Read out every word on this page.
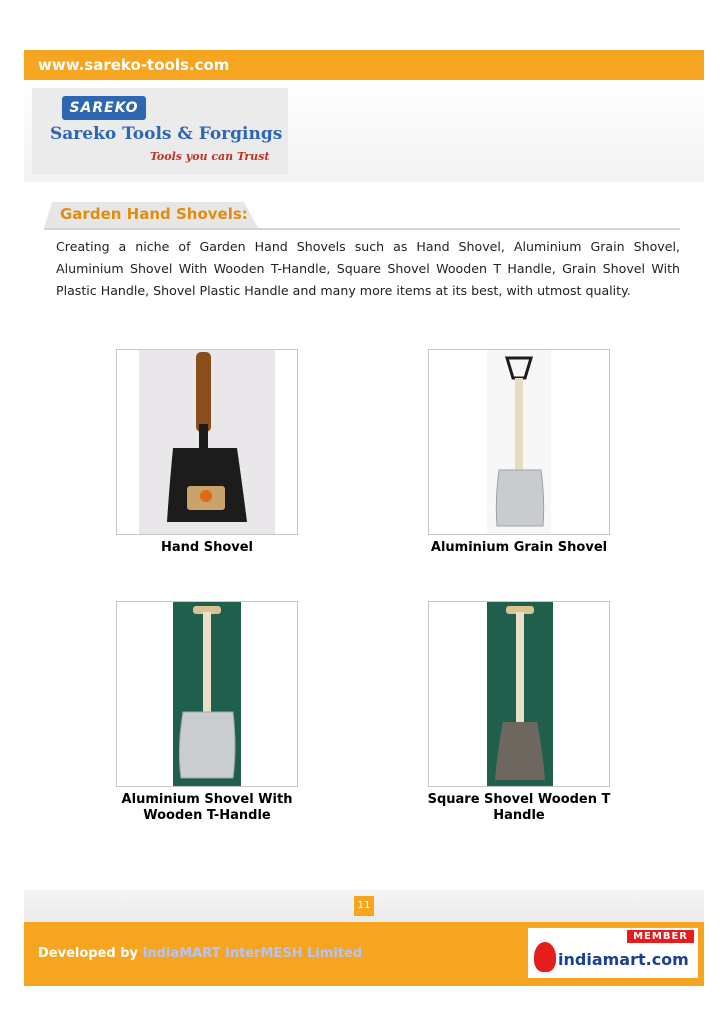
www.sareko-tools.com
SAREKO
Sareko Tools & Forgings
Tools you can Trust
Garden Hand Shovels:

Creating a niche of Garden Hand Shovels such as Hand Shovel, Aluminium Grain Shovel, Aluminium Shovel With Wooden T-Handle, Square Shovel Wooden T Handle, Grain Shovel With Plastic Handle, Shovel Plastic Handle and many more items at its best, with utmost quality.

Hand Shovel	Aluminium Grain Shovel
Aluminium Shovel With
Wooden T-Handle
Square Shovel Wooden T
Handle
11
Developed by IndiaMART InterMESH Limited
MEMBER
indiamart.com
